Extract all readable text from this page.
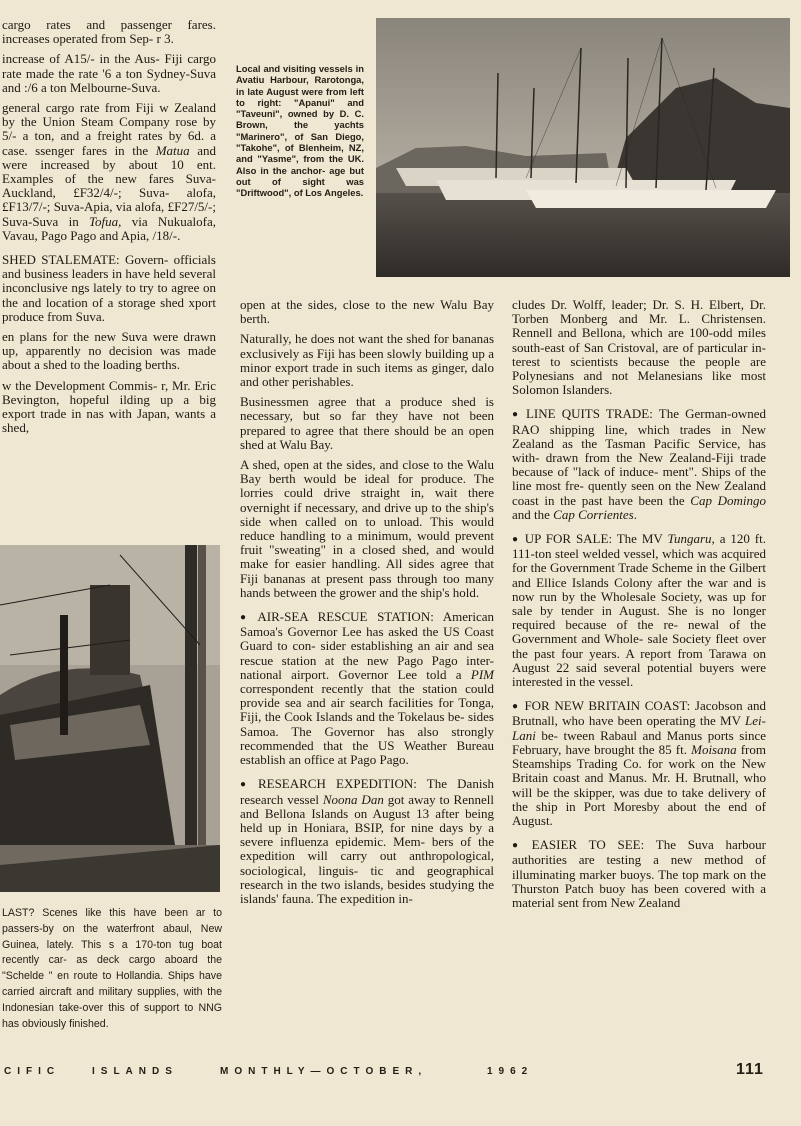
Local and visiting vessels in Avatiu Harbour, Rarotonga, in late August were from left to right: "Apanui" and "Taveuni", owned by D. C. Brown, the yachts "Marinero", of San Diego, "Takohe", of Blenheim, NZ, and "Yasme", from the UK. Also in the anchor- age but out of sight was "Driftwood", of Los Angeles.

cargo rates and passenger fares. increases operated from Sep- r 3.

increase of A15/- in the Aus- Fiji cargo rate made the rate '6 a ton Sydney-Suva and :/6 a ton Melbourne-Suva.

general cargo rate from Fiji w Zealand by the Union Steam Company rose by 5/- a ton, and a freight rates by 6d. a case. ssenger fares in the Matua and were increased by about 10 ent. Examples of the new fares Suva-Auckland, £F32/4/-; Suva- alofa, £F13/7/-; Suva-Apia, via alofa, £F27/5/-; Suva-Suva in Tofua, via Nukualofa, Vavau, Pago Pago and Apia, /18/-.

SHED STALEMATE: Govern- officials and business leaders in have held several inconclusive ngs lately to try to agree on the and location of a storage shed xport produce from Suva.

en plans for the new Suva were drawn up, apparently no decision was made about a shed to the loading berths.

w the Development Commis- r, Mr. Eric Bevington, hopeful ilding up a big export trade in nas with Japan, wants a shed,

LAST? Scenes like this have been ar to passers-by on the waterfront abaul, New Guinea, lately. This s a 170-ton tug boat recently car- as deck cargo aboard the "Schelde " en route to Hollandia. Ships have carried aircraft and military supplies, with the Indonesian take-over this of support to NNG has obviously finished.

open at the sides, close to the new Walu Bay berth.

Naturally, he does not want the shed for bananas exclusively as Fiji has been slowly building up a minor export trade in such items as ginger, dalo and other perishables.

Businessmen agree that a produce shed is necessary, but so far they have not been prepared to agree that there should be an open shed at Walu Bay.

A shed, open at the sides, and close to the Walu Bay berth would be ideal for produce. The lorries could drive straight in, wait there overnight if necessary, and drive up to the ship's side when called on to unload. This would reduce handling to a minimum, would prevent fruit "sweating" in a closed shed, and would make for easier handling. All sides agree that Fiji bananas at present pass through too many hands between the grower and the ship's hold.

● AIR-SEA RESCUE STATION: American Samoa's Governor Lee has asked the US Coast Guard to con- sider establishing an air and sea rescue station at the new Pago Pago inter- national airport. Governor Lee told a PIM correspondent recently that the station could provide sea and air search facilities for Tonga, Fiji, the Cook Islands and the Tokelaus be- sides Samoa. The Governor has also strongly recommended that the US Weather Bureau establish an office at Pago Pago.

● RESEARCH EXPEDITION: The Danish research vessel Noona Dan got away to Rennell and Bellona Islands on August 13 after being held up in Honiara, BSIP, for nine days by a severe influenza epidemic. Mem- bers of the expedition will carry out anthropological, sociological, linguis- tic and geographical research in the two islands, besides studying the islands' fauna. The expedition in-

cludes Dr. Wolff, leader; Dr. S. H. Elbert, Dr. Torben Monberg and Mr. L. Christensen. Rennell and Bellona, which are 100-odd miles south-east of San Cristoval, are of particular in- terest to scientists because the people are Polynesians and not Melanesians like most Solomon Islanders.

● LINE QUITS TRADE: The German-owned RAO shipping line, which trades in New Zealand as the Tasman Pacific Service, has with- drawn from the New Zealand-Fiji trade because of "lack of induce- ment". Ships of the line most fre- quently seen on the New Zealand coast in the past have been the Cap Domingo and the Cap Corrientes.

● UP FOR SALE: The MV Tungaru, a 120 ft. 111-ton steel welded vessel, which was acquired for the Government Trade Scheme in the Gilbert and Ellice Islands Colony after the war and is now run by the Wholesale Society, was up for sale by tender in August. She is no longer required because of the re- newal of the Government and Whole- sale Society fleet over the past four years. A report from Tarawa on August 22 said several potential buyers were interested in the vessel.

● FOR NEW BRITAIN COAST: Jacobson and Brutnall, who have been operating the MV Lei-Lani be- tween Rabaul and Manus ports since February, have brought the 85 ft. Moisana from Steamships Trading Co. for work on the New Britain coast and Manus. Mr. H. Brutnall, who will be the skipper, was due to take delivery of the ship in Port Moresby about the end of August.

● EASIER TO SEE: The Suva harbour authorities are testing a new method of illuminating marker buoys. The top mark on the Thurston Patch buoy has been covered with a material sent from New Zealand

CIFIC	ISLANDS	MONTHLY—OCTOBER,	1962	111
